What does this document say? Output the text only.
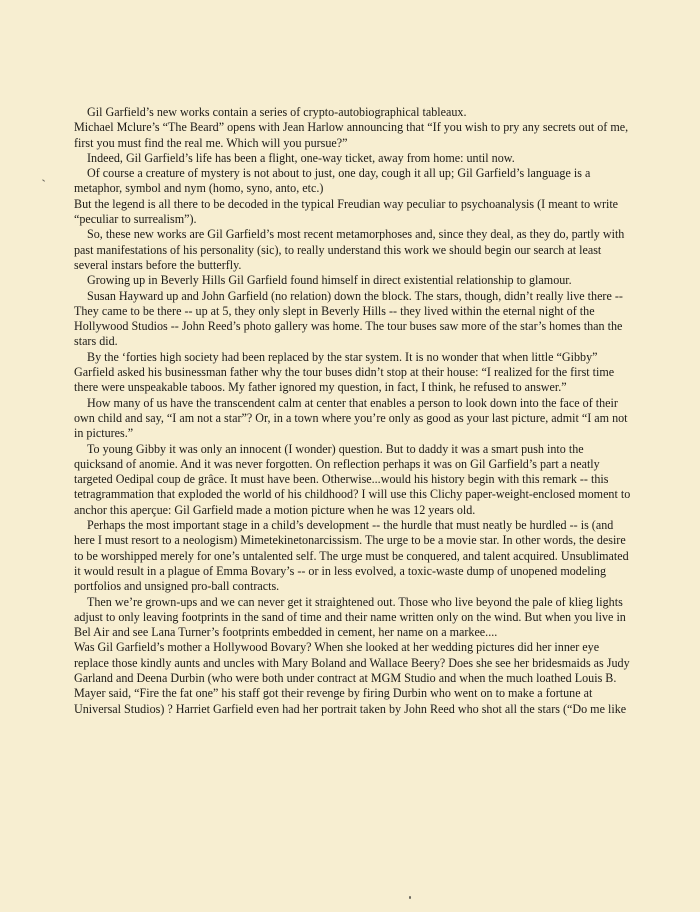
Gil Garfield’s new works contain a series of crypto-autobiographical tableaux.

Michael Mclure’s “The Beard” opens with Jean Harlow announcing that “If you wish to pry any secrets out of me, first you must find the real me. Which will you pursue?”

Indeed, Gil Garfield’s life has been a flight, one-way ticket, away from home: until now.

Of course a creature of mystery is not about to just, one day, cough it all up; Gil Garfield’s language is a metaphor, symbol and nym (homo, syno, anto, etc.)

But the legend is all there to be decoded in the typical Freudian way peculiar to psychoanalysis (I meant to write “peculiar to surrealism”).

So, these new works are Gil Garfield’s most recent metamorphoses and, since they deal, as they do, partly with past manifestations of his personality (sic), to really understand this work we should begin our search at least several instars before the butterfly.

Growing up in Beverly Hills Gil Garfield found himself in direct existential relationship to glamour.

Susan Hayward up and John Garfield (no relation) down the block. The stars, though, didn’t really live there -- They came to be there -- up at 5, they only slept in Beverly Hills -- they lived within the eternal night of the Hollywood Studios -- John Reed’s photo gallery was home. The tour buses saw more of the star’s homes than the stars did.

By the ‘forties high society had been replaced by the star system. It is no wonder that when little “Gibby” Garfield asked his businessman father why the tour buses didn’t stop at their house: “I realized for the first time there were unspeakable taboos. My father ignored my question, in fact, I think, he refused to answer.”

How many of us have the transcendent calm at center that enables a person to look down into the face of their own child and say, “I am not a star”? Or, in a town where you’re only as good as your last picture, admit “I am not in pictures.”

To young Gibby it was only an innocent (I wonder) question. But to daddy it was a smart push into the quicksand of anomie. And it was never forgotten. On reflection perhaps it was on Gil Garfield’s part a neatly targeted Oedipal coup de grâce. It must have been. Otherwise...would his history begin with this remark -- this tetragrammation that exploded the world of his childhood? I will use this Clichy paper-weight-enclosed moment to anchor this aperçue: Gil Garfield made a motion picture when he was 12 years old.

Perhaps the most important stage in a child’s development -- the hurdle that must neatly be hurdled -- is (and here I must resort to a neologism) Mimetekinetonarcissism. The urge to be a movie star. In other words, the desire to be worshipped merely for one’s untalented self. The urge must be conquered, and talent acquired. Unsublimated it would result in a plague of Emma Bovary’s -- or in less evolved, a toxic-waste dump of unopened modeling portfolios and unsigned pro-ball contracts.

Then we’re grown-ups and we can never get it straightened out. Those who live beyond the pale of klieg lights adjust to only leaving footprints in the sand of time and their name written only on the wind. But when you live in Bel Air and see Lana Turner’s footprints embedded in cement, her name on a markee....

Was Gil Garfield’s mother a Hollywood Bovary? When she looked at her wedding pictures did her inner eye replace those kindly aunts and uncles with Mary Boland and Wallace Beery? Does she see her bridesmaids as Judy Garland and Deena Durbin (who were both under contract at MGM Studio and when the much loathed Louis B. Mayer said, “Fire the fat one” his staff got their revenge by firing Durbin who went on to make a fortune at Universal Studios) ? Harriet Garfield even had her portrait taken by John Reed who shot all the stars (“Do me like
